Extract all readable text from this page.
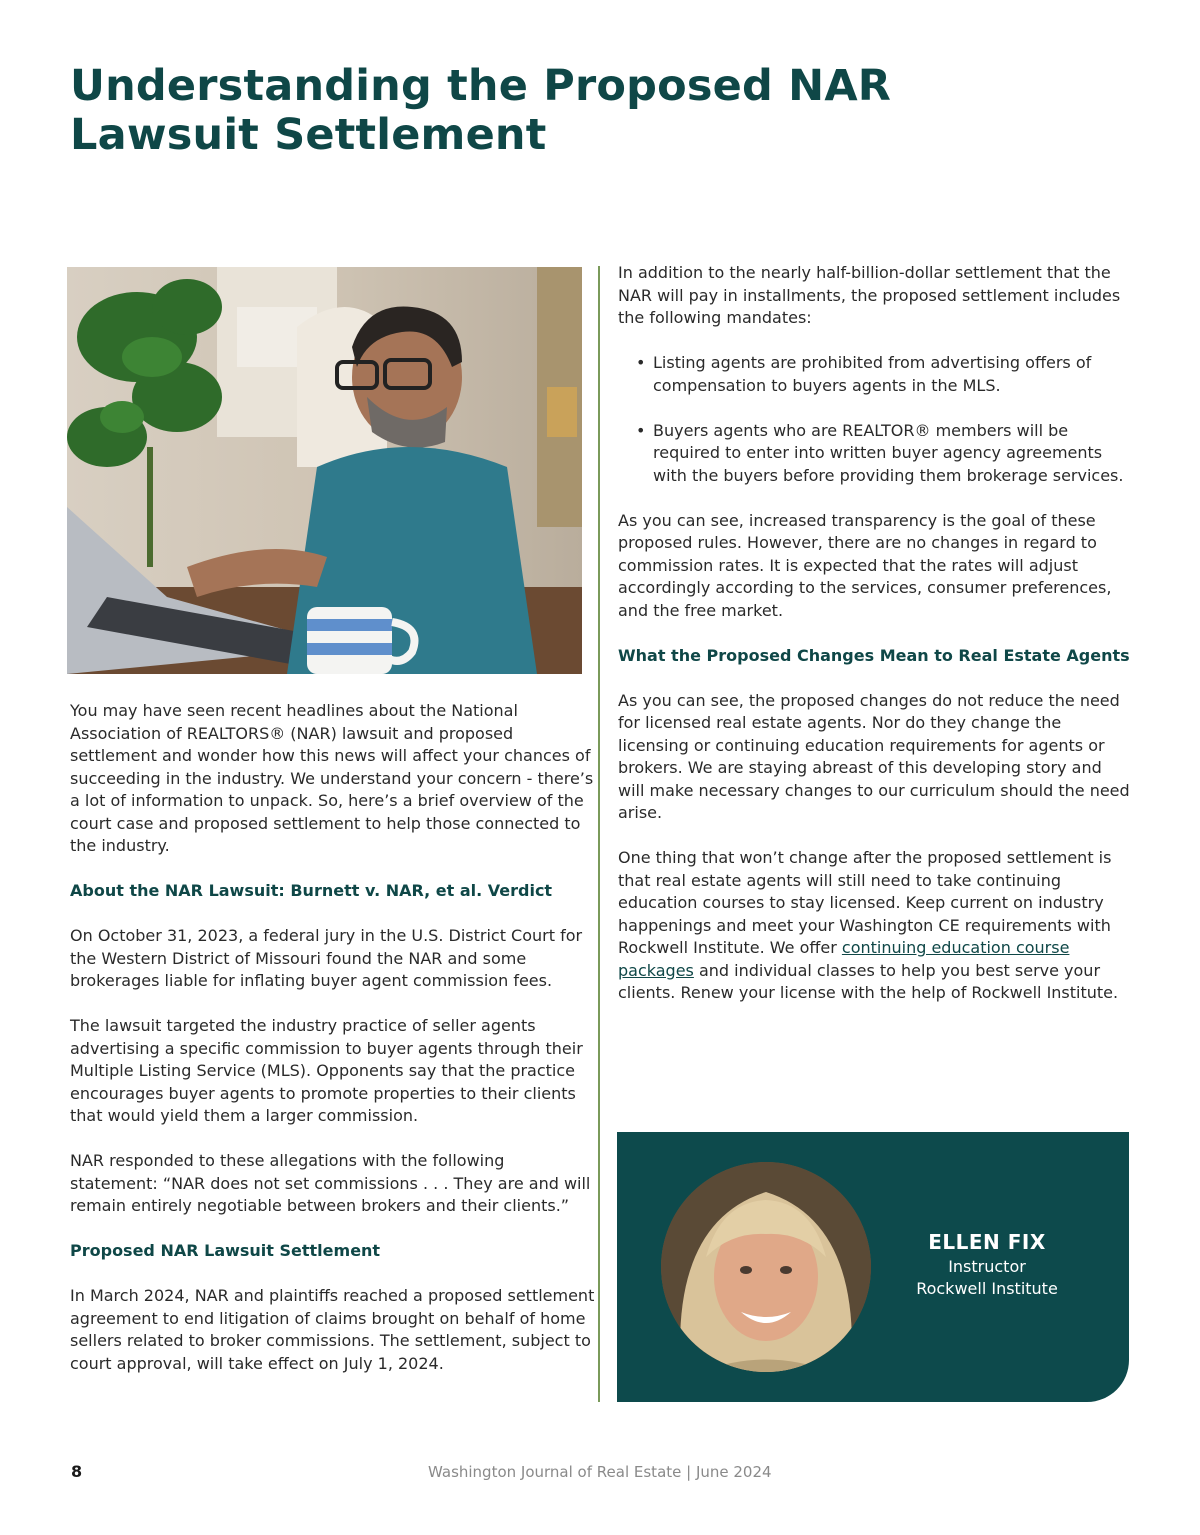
Understanding the Proposed NAR
Lawsuit Settlement

You may have seen recent headlines about the National Association of REALTORS® (NAR) lawsuit and proposed settlement and wonder how this news will affect your chances of succeeding in the industry. We understand your concern - there’s a lot of information to unpack. So, here’s a brief overview of the court case and proposed settlement to help those connected to the industry.

About the NAR Lawsuit: Burnett v. NAR, et al. Verdict

On October 31, 2023, a federal jury in the U.S. District Court for the Western District of Missouri found the NAR and some brokerages liable for inflating buyer agent commission fees.

The lawsuit targeted the industry practice of seller agents advertising a specific commission to buyer agents through their Multiple Listing Service (MLS). Opponents say that the practice encourages buyer agents to promote properties to their clients that would yield them a larger commission.

NAR responded to these allegations with the following statement: “NAR does not set commissions . . . They are and will remain entirely negotiable between brokers and their clients.”

Proposed NAR Lawsuit Settlement

In March 2024, NAR and plaintiffs reached a proposed settlement agreement to end litigation of claims brought on behalf of home sellers related to broker commissions. The settlement, subject to court approval, will take effect on July 1, 2024.

In addition to the nearly half-billion-dollar settlement that the NAR will pay in installments, the proposed settlement includes the following mandates:

• Listing agents are prohibited from advertising offers of compensation to buyers agents in the MLS.
• Buyers agents who are REALTOR® members will be required to enter into written buyer agency agreements with the buyers before providing them brokerage services.

As you can see, increased transparency is the goal of these proposed rules. However, there are no changes in regard to commission rates. It is expected that the rates will adjust accordingly according to the services, consumer preferences, and the free market.

What the Proposed Changes Mean to Real Estate Agents

As you can see, the proposed changes do not reduce the need for licensed real estate agents. Nor do they change the licensing or continuing education requirements for agents or brokers. We are staying abreast of this developing story and will make necessary changes to our curriculum should the need arise.

One thing that won’t change after the proposed settlement is that real estate agents will still need to take continuing education courses to stay licensed. Keep current on industry happenings and meet your Washington CE requirements with Rockwell Institute. We offer continuing education course packages and individual classes to help you best serve your clients. Renew your license with the help of Rockwell Institute.

ELLEN FIX
Instructor
Rockwell Institute
8	Washington Journal of Real Estate | June 2024
